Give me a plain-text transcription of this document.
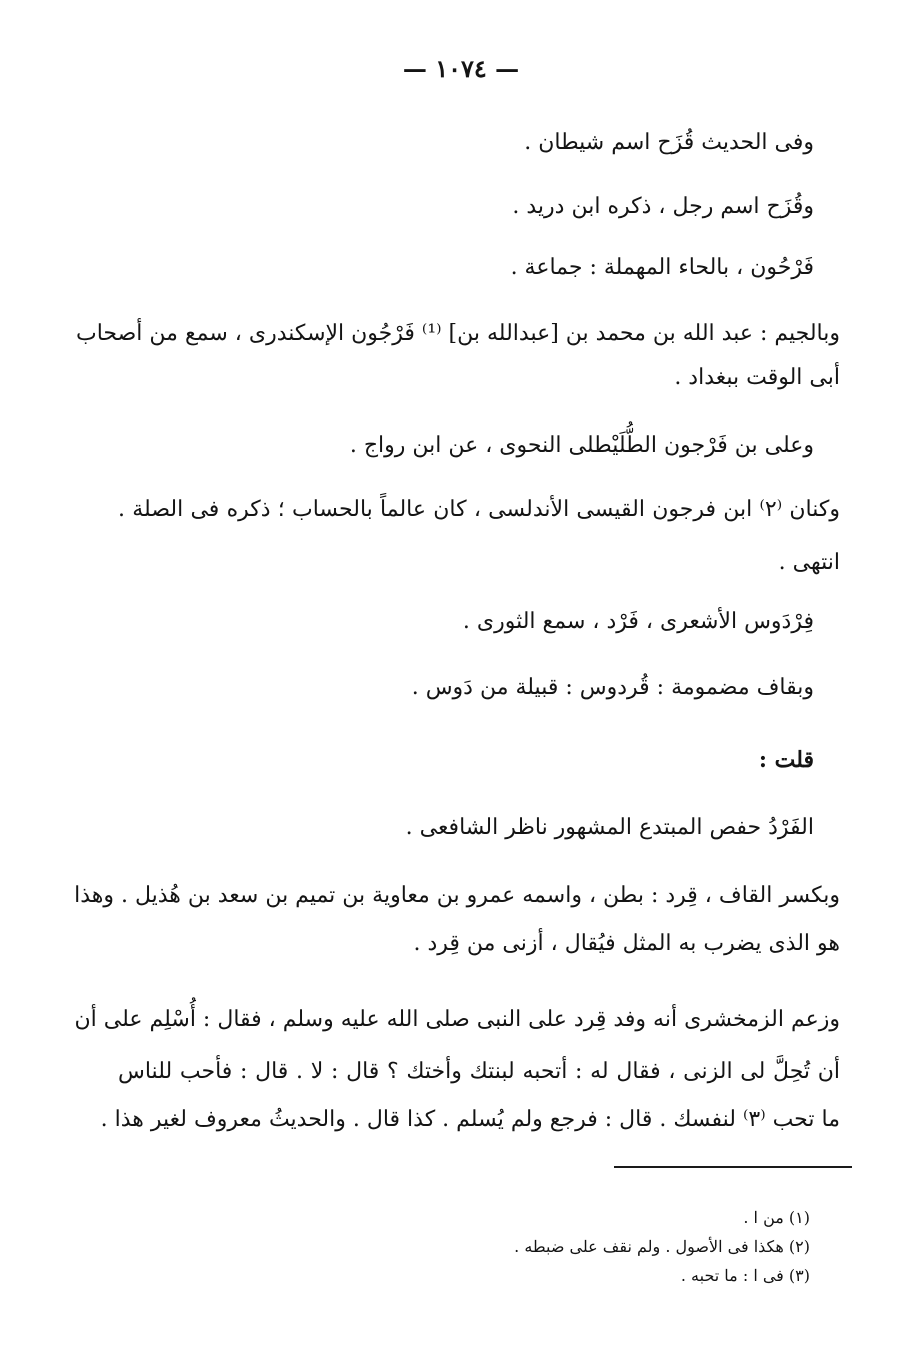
— ١٠٧٤ —
وفى الحديث قُزَح اسم شيطان .
وقُزَح اسم رجل ، ذكره ابن دريد .
فَرْحُون ، بالحاء المهملة : جماعة .
وبالجيم : عبد الله بن محمد بن [عبدالله بن] ⁽¹⁾ فَرْجُون الإسكندرى ، سمع من أصحاب
أبى الوقت ببغداد .
وعلى بن فَرْجون الطُّلَيْطلى النحوى ، عن ابن رواج .
وكنان ⁽٢⁾ ابن فرجون القيسى الأندلسى ، كان عالماً بالحساب ؛ ذكره فى الصلة .
انتهى .
فِرْدَوس الأشعرى ، فَرْد ، سمع الثورى .
وبقاف مضمومة : قُردوس : قبيلة من دَوس .
قلت :
الفَرْدُ حفص المبتدع المشهور ناظر الشافعى .
وبكسر القاف ، قِرد : بطن ، واسمه عمرو بن معاوية بن تميم بن سعد بن هُذيل . وهذا
هو الذى يضرب به المثل فيُقال ، أزنى من قِرد .
وزعم الزمخشرى أنه وفد قِرد على النبى صلى الله عليه وسلم ، فقال : أُسْلِم على أن
أن تُحِلَّ لى الزنى ، فقال له : أتحبه لبنتك وأختك ؟ قال : لا . قال : فأحب للناس
ما تحب ⁽٣⁾ لنفسك . قال : فرجع ولم يُسلم . كذا قال . والحديثُ معروف لغير هذا .
(١) من ا .
(٢) هكذا فى الأصول . ولم نقف على ضبطه .
(٣) فى ا : ما تحبه .
